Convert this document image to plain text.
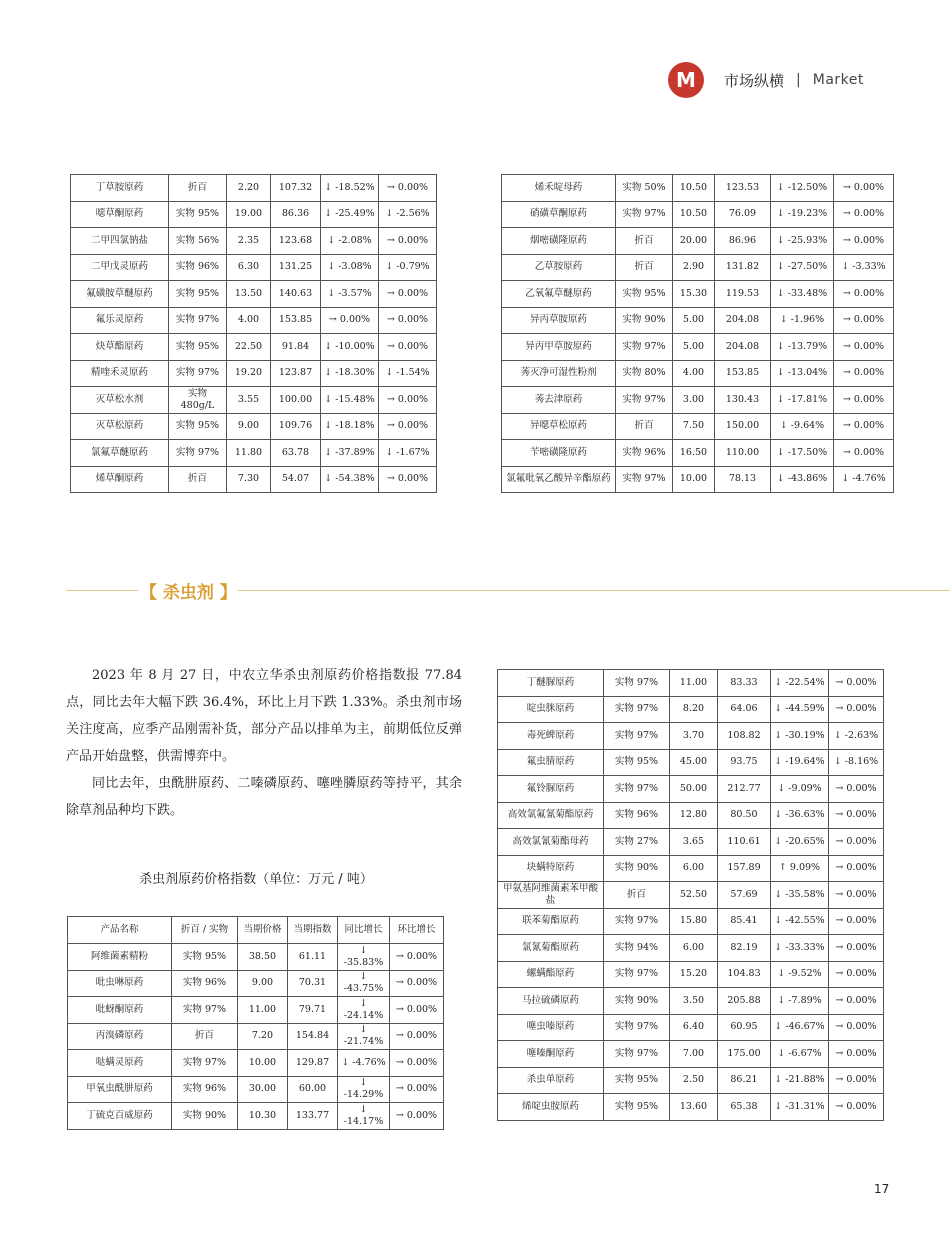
M	市场纵横 | Market
丁草胺原药	折百	2.20	107.32	↓ -18.52%	→ 0.00%
噁草酮原药	实物 95%	19.00	86.36	↓ -25.49%	↓ -2.56%
二甲四氯钠盐	实物 56%	2.35	123.68	↓ -2.08%	→ 0.00%
二甲戊灵原药	实物 96%	6.30	131.25	↓ -3.08%	↓ -0.79%
氟磺胺草醚原药	实物 95%	13.50	140.63	↓ -3.57%	→ 0.00%
氟乐灵原药	实物 97%	4.00	153.85	→ 0.00%	→ 0.00%
炔草酯原药	实物 95%	22.50	91.84	↓ -10.00%	→ 0.00%
精喹禾灵原药	实物 97%	19.20	123.87	↓ -18.30%	↓ -1.54%
灭草松水剂	实物 480g/L	3.55	100.00	↓ -15.48%	→ 0.00%
灭草松原药	实物 95%	9.00	109.76	↓ -18.18%	→ 0.00%
氯氟草醚原药	实物 97%	11.80	63.78	↓ -37.89%	↓ -1.67%
烯草酮原药	折百	7.30	54.07	↓ -54.38%	→ 0.00%
烯禾啶母药	实物 50%	10.50	123.53	↓ -12.50%	→ 0.00%
硝磺草酮原药	实物 97%	10.50	76.09	↓ -19.23%	→ 0.00%
烟嘧磺隆原药	折百	20.00	86.96	↓ -25.93%	→ 0.00%
乙草胺原药	折百	2.90	131.82	↓ -27.50%	↓ -3.33%
乙氧氟草醚原药	实物 95%	15.30	119.53	↓ -33.48%	→ 0.00%
异丙草胺原药	实物 90%	5.00	204.08	↓ -1.96%	→ 0.00%
异丙甲草胺原药	实物 97%	5.00	204.08	↓ -13.79%	→ 0.00%
莠灭净可湿性粉剂	实物 80%	4.00	153.85	↓ -13.04%	→ 0.00%
莠去津原药	实物 97%	3.00	130.43	↓ -17.81%	→ 0.00%
异噁草松原药	折百	7.50	150.00	↓ -9.64%	→ 0.00%
苄嘧磺隆原药	实物 96%	16.50	110.00	↓ -17.50%	→ 0.00%
氯氟吡氧乙酸异辛酯原药	实物 97%	10.00	78.13	↓ -43.86%	↓ -4.76%
【 杀虫剂 】

2023 年 8 月 27 日，中农立华杀虫剂原药价格指数报 77.84 点，同比去年大幅下跌 36.4%，环比上月下跌 1.33%。杀虫剂市场关注度高，应季产品刚需补货，部分产品以排单为主，前期低位反弹产品开始盘整，供需博弈中。

同比去年，虫酰肼原药、二嗪磷原药、噻唑膦原药等持平，其余除草剂品种均下跌。

杀虫剂原药价格指数（单位：万元 / 吨）
产品名称	折百 / 实物	当期价格	当期指数	同比增长	环比增长
阿维菌素精粉	实物 95%	38.50	61.11	↓ -35.83%	→ 0.00%
吡虫啉原药	实物 96%	9.00	70.31	↓ -43.75%	→ 0.00%
吡蚜酮原药	实物 97%	11.00	79.71	↓ -24.14%	→ 0.00%
丙溴磷原药	折百	7.20	154.84	↓ -21.74%	→ 0.00%
哒螨灵原药	实物 97%	10.00	129.87	↓ -4.76%	→ 0.00%
甲氧虫酰肼原药	实物 96%	30.00	60.00	↓ -14.29%	→ 0.00%
丁硫克百威原药	实物 90%	10.30	133.77	↓ -14.17%	→ 0.00%
丁醚脲原药	实物 97%	11.00	83.33	↓ -22.54%	→ 0.00%
啶虫脒原药	实物 97%	8.20	64.06	↓ -44.59%	→ 0.00%
毒死蜱原药	实物 97%	3.70	108.82	↓ -30.19%	↓ -2.63%
氟虫腈原药	实物 95%	45.00	93.75	↓ -19.64%	↓ -8.16%
氟铃脲原药	实物 97%	50.00	212.77	↓ -9.09%	→ 0.00%
高效氯氟氰菊酯原药	实物 96%	12.80	80.50	↓ -36.63%	→ 0.00%
高效氯氰菊酯母药	实物 27%	3.65	110.61	↓ -20.65%	→ 0.00%
块螨特原药	实物 90%	6.00	157.89	↑ 9.09%	→ 0.00%
甲氨基阿维菌素苯甲酸盐	折百	52.50	57.69	↓ -35.58%	→ 0.00%
联苯菊酯原药	实物 97%	15.80	85.41	↓ -42.55%	→ 0.00%
氯氰菊酯原药	实物 94%	6.00	82.19	↓ -33.33%	→ 0.00%
螺螨酯原药	实物 97%	15.20	104.83	↓ -9.52%	→ 0.00%
马拉硫磷原药	实物 90%	3.50	205.88	↓ -7.89%	→ 0.00%
噻虫嗪原药	实物 97%	6.40	60.95	↓ -46.67%	→ 0.00%
噻嗪酮原药	实物 97%	7.00	175.00	↓ -6.67%	→ 0.00%
杀虫单原药	实物 95%	2.50	86.21	↓ -21.88%	→ 0.00%
烯啶虫胺原药	实物 95%	13.60	65.38	↓ -31.31%	→ 0.00%
17
